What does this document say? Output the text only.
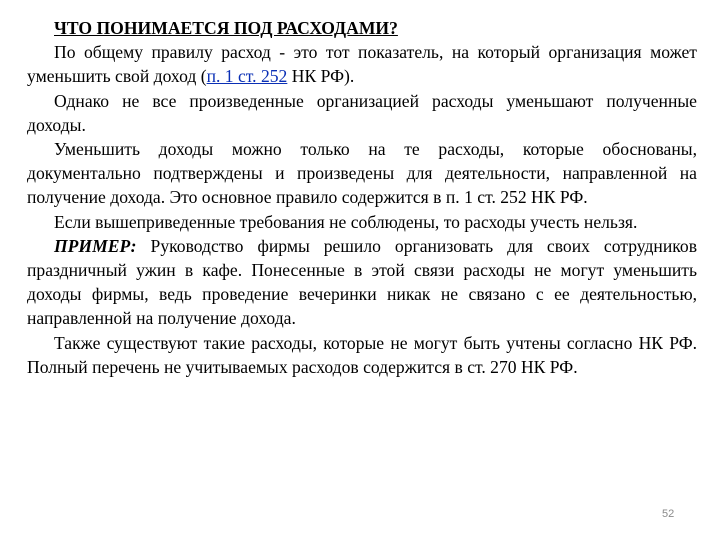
ЧТО ПОНИМАЕТСЯ ПОД РАСХОДАМИ?

По общему правилу расход - это тот показатель, на который организация может уменьшить свой доход (п. 1 ст. 252 НК РФ).

Однако не все произведенные организацией расходы уменьшают полученные доходы.

Уменьшить доходы можно только на те расходы, которые обоснованы, документально подтверждены и произведены для деятельности, направленной на получение дохода. Это основное правило содержится в п. 1 ст. 252 НК РФ.

Если вышеприведенные требования не соблюдены, то расходы учесть нельзя.

ПРИМЕР: Руководство фирмы решило организовать для своих сотрудников праздничный ужин в кафе. Понесенные в этой связи расходы не могут уменьшить доходы фирмы, ведь проведение вечеринки никак не связано с ее деятельностью, направленной на получение дохода.

Также существуют такие расходы, которые не могут быть учтены согласно НК РФ. Полный перечень не учитываемых расходов содержится в ст. 270 НК РФ.

52
